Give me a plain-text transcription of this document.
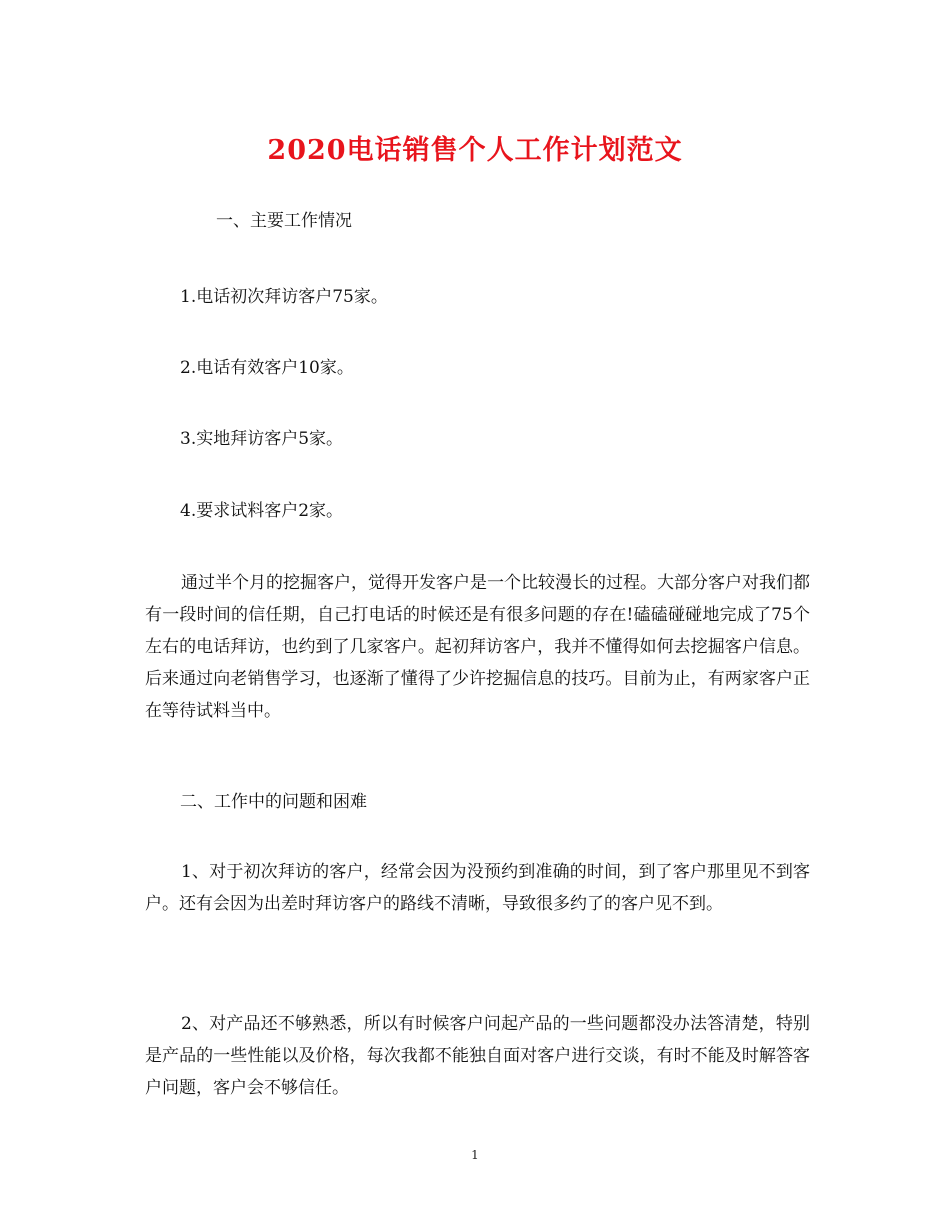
2020电话销售个人工作计划范文

一、主要工作情况

1.电话初次拜访客户75家。

2.电话有效客户10家。

3.实地拜访客户5家。

4.要求试料客户2家。

通过半个月的挖掘客户，觉得开发客户是一个比较漫长的过程。大部分客户对我们都有一段时间的信任期，自己打电话的时候还是有很多问题的存在!磕磕碰碰地完成了75个左右的电话拜访，也约到了几家客户。起初拜访客户，我并不懂得如何去挖掘客户信息。后来通过向老销售学习，也逐渐了懂得了少许挖掘信息的技巧。目前为止，有两家客户正在等待试料当中。

二、工作中的问题和困难

1、对于初次拜访的客户，经常会因为没预约到准确的时间，到了客户那里见不到客户。还有会因为出差时拜访客户的路线不清晰，导致很多约了的客户见不到。

2、对产品还不够熟悉，所以有时候客户问起产品的一些问题都没办法答清楚，特别是产品的一些性能以及价格，每次我都不能独自面对客户进行交谈，有时不能及时解答客户问题，客户会不够信任。

1
